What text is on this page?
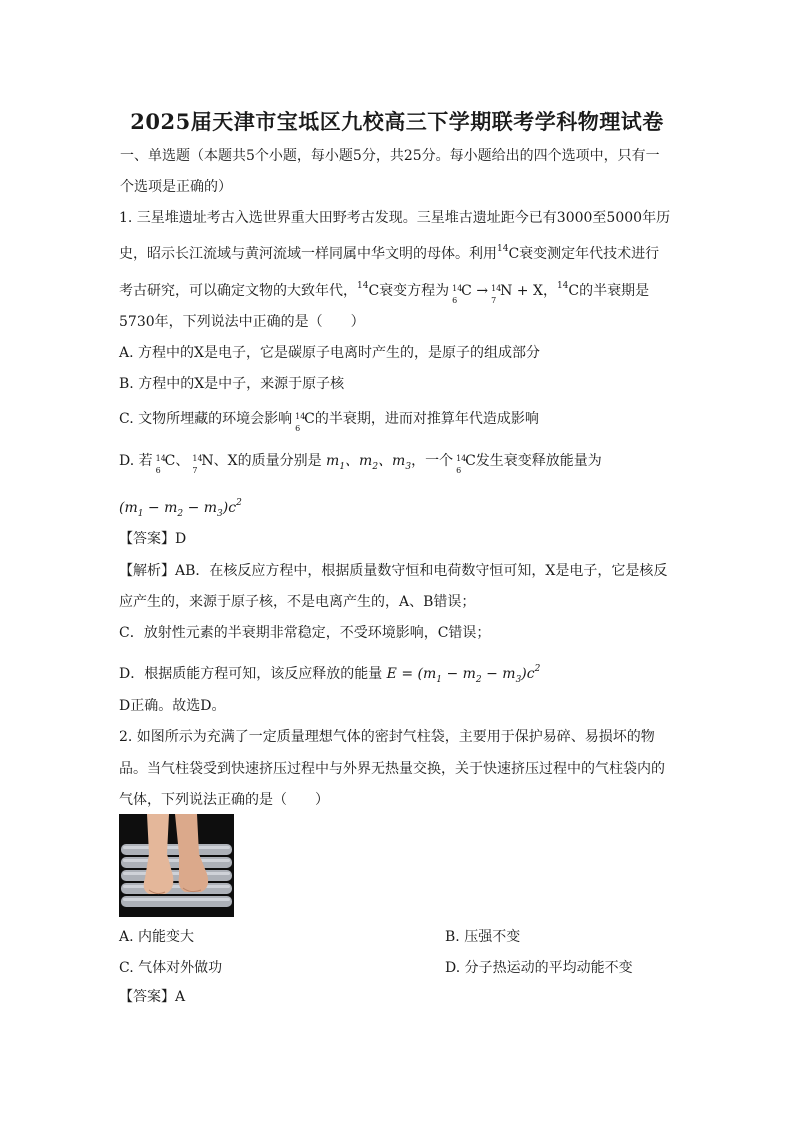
2025届天津市宝坻区九校高三下学期联考学科物理试卷
一、单选题（本题共5个小题，每小题5分，共25分。每小题给出的四个选项中，只有一
个选项是正确的）
1. 三星堆遗址考古入选世界重大田野考古发现。三星堆古遗址距今已有3000至5000年历
史，昭示长江流域与黄河流域一样同属中华文明的母体。利用$^{14}$C衰变测定年代技术进行
考古研究，可以确定文物的大致年代，$^{14}$C衰变方程为 14
6
C → 14
7
N + X，$^{14}$C的半衰期是
5730年，下列说法中正确的是（　　）
A. 方程中的X是电子，它是碳原子电离时产生的，是原子的组成部分
B. 方程中的X是中子，来源于原子核
C. 文物所埋藏的环境会影响 14
6
C的半衰期，进而对推算年代造成影响
D. 若 14
6
C、 14
7
N、X的质量分别是 $m_1$、$m_2$、$m_3$，一个 14
6
C发生衰变释放能量为
$(m_1 - m_2 - m_3)c^2$
【答案】D
【解析】AB．在核反应方程中，根据质量数守恒和电荷数守恒可知，X是电子，它是核反
应产生的，来源于原子核，不是电离产生的，A、B错误；
C．放射性元素的半衰期非常稳定，不受环境影响，C错误；
D．根据质能方程可知，该反应释放的能量 $E = (m_1 - m_2 - m_3)c^2$
D正确。故选D。
2. 如图所示为充满了一定质量理想气体的密封气柱袋，主要用于保护易碎、易损坏的物
品。当气柱袋受到快速挤压过程中与外界无热量交换，关于快速挤压过程中的气柱袋内的
气体，下列说法正确的是（　　）
A. 内能变大	B. 压强不变
C. 气体对外做功	D. 分子热运动的平均动能不变
【答案】A
